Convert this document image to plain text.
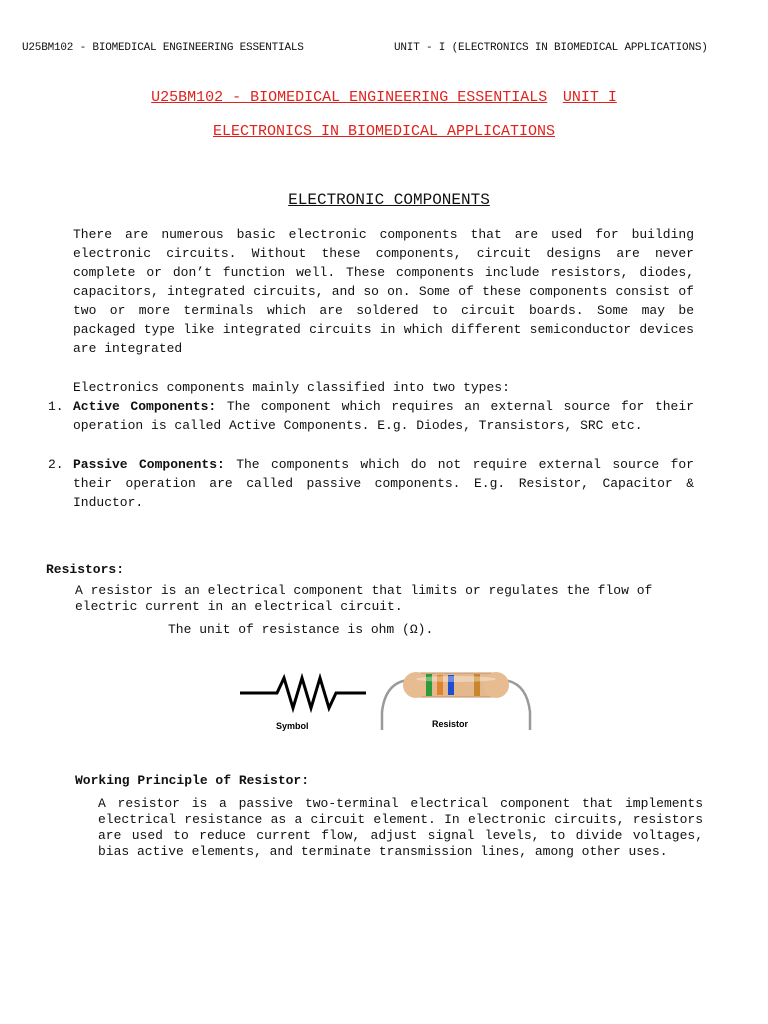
U25BM102 - BIOMEDICAL ENGINEERING ESSENTIALS	UNIT - I (ELECTRONICS IN BIOMEDICAL APPLICATIONS)
U25BM102 - BIOMEDICAL ENGINEERING ESSENTIALS UNIT I
ELECTRONICS IN BIOMEDICAL APPLICATIONS
ELECTRONIC COMPONENTS
There are numerous basic electronic components that are used for building electronic circuits. Without these components, circuit designs are never complete or don’t function well. These components include resistors, diodes, capacitors, integrated circuits, and so on. Some of these components consist of two or more terminals which are soldered to circuit boards. Some may be packaged type like integrated circuits in which different semiconductor devices are integrated
Electronics components mainly classified into two types:
1. Active Components: The component which requires an external source for their operation is called Active Components. E.g. Diodes, Transistors, SRC etc.
2. Passive Components: The components which do not require external source for their operation are called passive components. E.g. Resistor, Capacitor & Inductor.
Resistors:
A resistor is an electrical component that limits or regulates the flow of electric current in an electrical circuit.
The unit of resistance is ohm (Ω).
Symbol	Resistor
Working Principle of Resistor:
A resistor is a passive two-terminal electrical component that implements electrical resistance as a circuit element. In electronic circuits, resistors are used to reduce current flow, adjust signal levels, to divide voltages, bias active elements, and terminate transmission lines, among other uses.
